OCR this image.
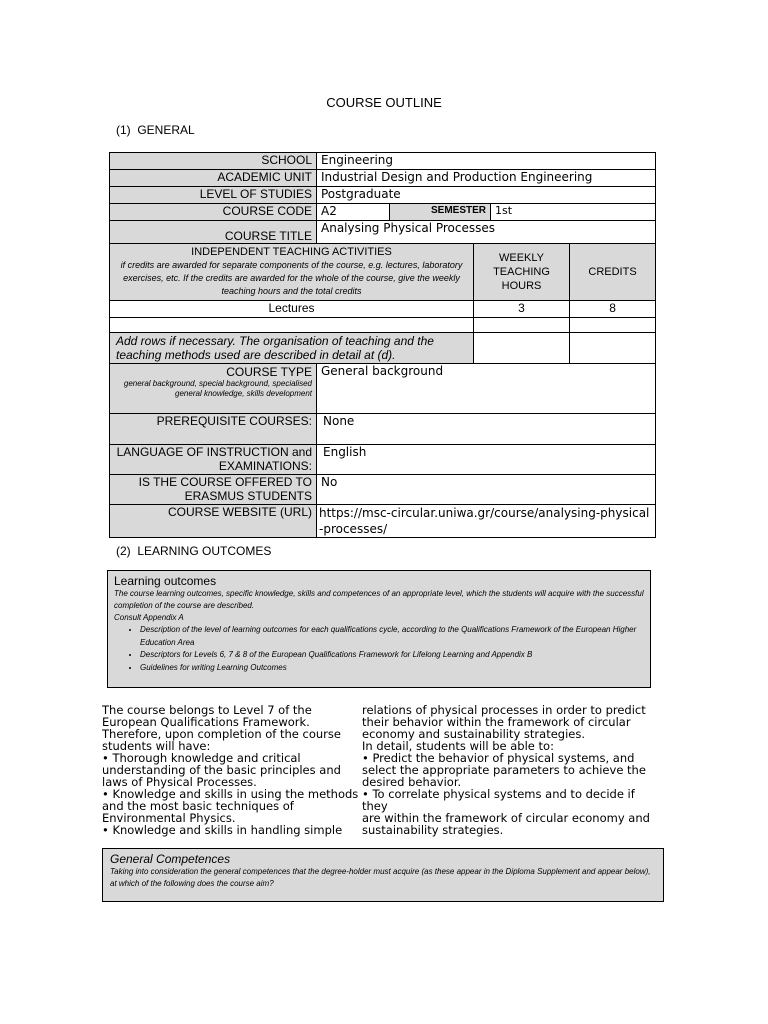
COURSE OUTLINE
(1)  GENERAL
SCHOOL	Engineering				
ACADEMIC UNIT	Industrial Design and Production Engineering				
LEVEL OF STUDIES	Postgraduate				
COURSE CODE	A2	SEMESTER		1st	
COURSE TITLE	Analysing Physical Processes				

INDEPENDENT TEACHING ACTIVITIES
if credits are awarded for separate components of the course, e.g. lectures, laboratory exercises, etc. If the credits are awarded for the whole of the course, give the weekly teaching hours and the total credits			WEEKLY TEACHING HOURS		CREDITS
Lectures			3		8

Add rows if necessary. The organisation of teaching and the teaching methods used are described in detail at (d).					
COURSE TYPE
general background, special background, specialised general knowledge, skills development	General background				
PREREQUISITE COURSES:	None				
LANGUAGE OF INSTRUCTION and EXAMINATIONS:	English				
IS THE COURSE OFFERED TO ERASMUS STUDENTS	No				
COURSE WEBSITE (URL)	https://msc-circular.uniwa.gr/course/analysing-physical-processes/				
(2)  LEARNING OUTCOMES
Learning outcomes
The course learning outcomes, specific knowledge, skills and competences of an appropriate level, which the students will acquire with the successful completion of the course are described.
Consult Appendix A
• Description of the level of learning outcomes for each qualifications cycle, according to the Qualifications Framework of the European Higher Education Area
• Descriptors for Levels 6, 7 & 8 of the European Qualifications Framework for Lifelong Learning and Appendix B
• Guidelines for writing Learning Outcomes
The course belongs to Level 7 of the
European Qualifications Framework.
Therefore, upon completion of the course
students will have:
• Thorough knowledge and critical
understanding of the basic principles and
laws of Physical Processes.
• Knowledge and skills in using the methods
and the most basic techniques of
Environmental Physics.
• Knowledge and skills in handling simple
relations of physical processes in order to predict
their behavior within the framework of circular
economy and sustainability strategies.
In detail, students will be able to:
• Predict the behavior of physical systems, and
select the appropriate parameters to achieve the
desired behavior.
• To correlate physical systems and to decide if they
are within the framework of circular economy and
sustainability strategies.
General Competences
Taking into consideration the general competences that the degree-holder must acquire (as these appear in the Diploma Supplement and appear below), at which of the following does the course aim?
